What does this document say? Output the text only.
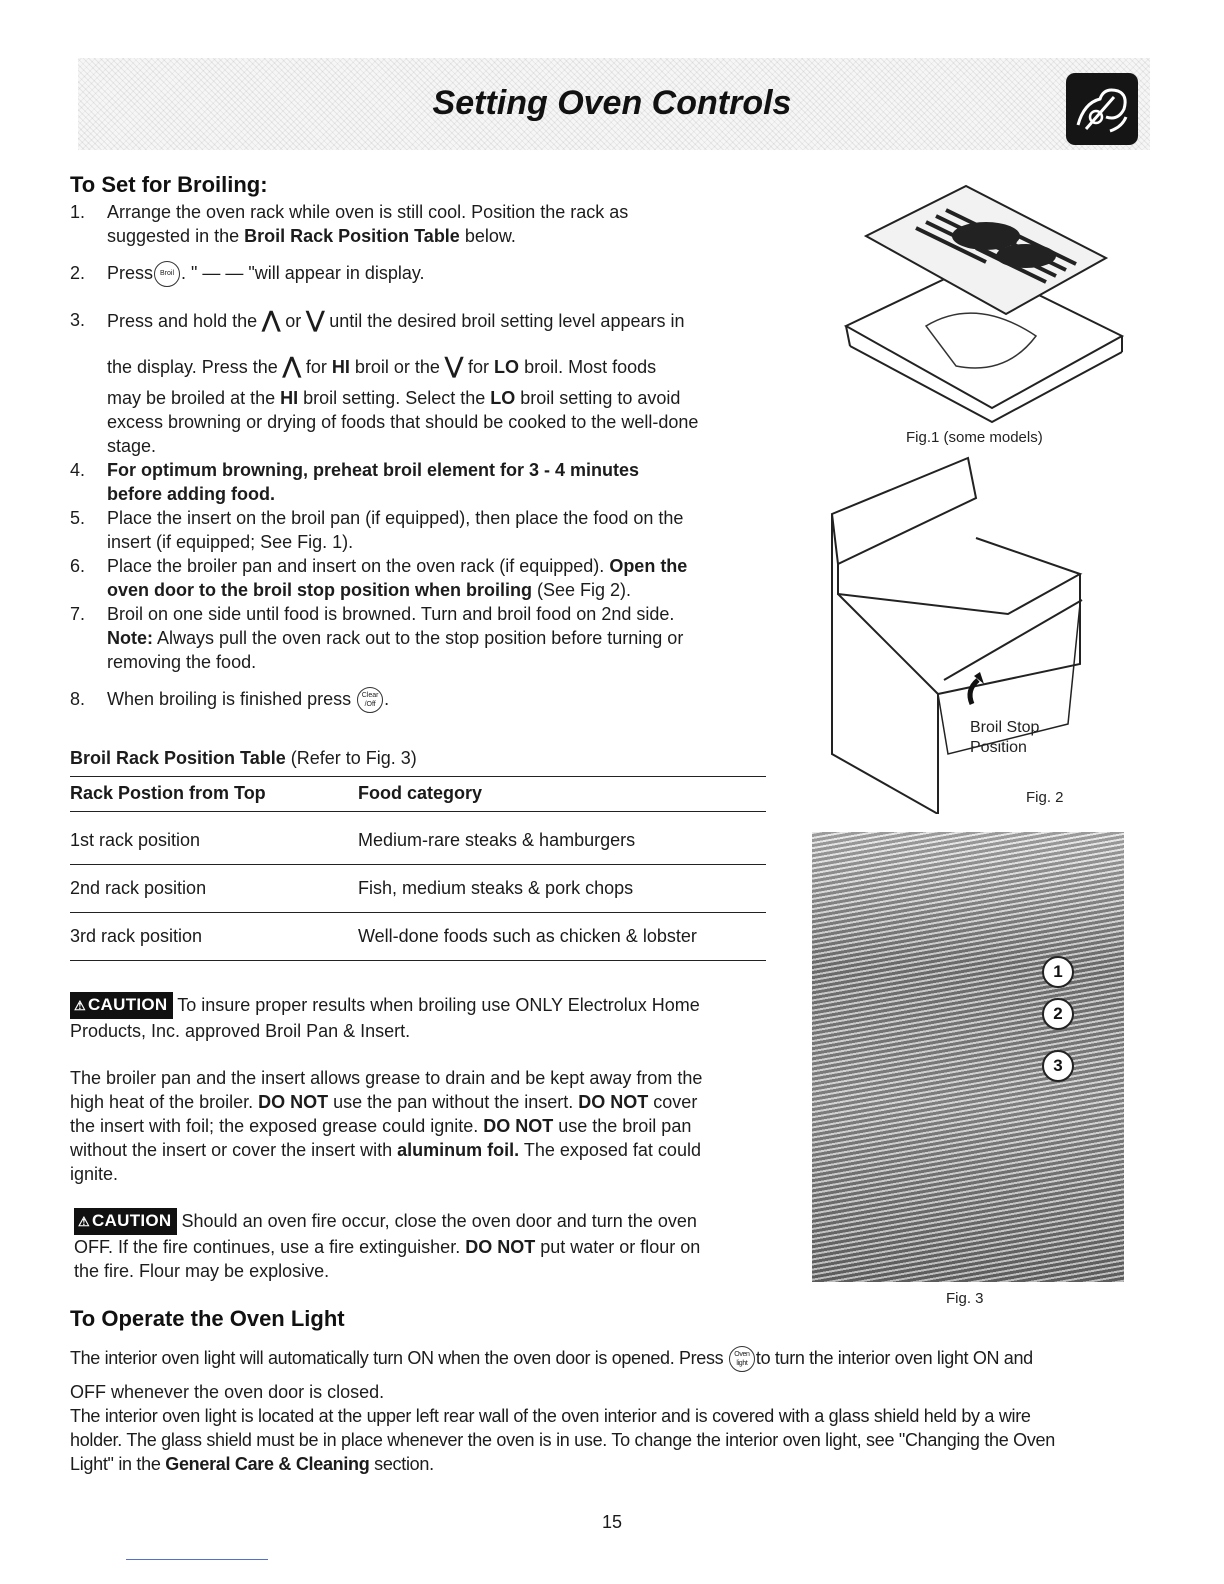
Setting Oven Controls
To Set for Broiling:
1. Arrange the oven rack while oven is still cool. Position the rack as
suggested in the Broil Rack Position Table below.
2. Press Broil . " — — "will appear in display.
3. Press and hold the ⋀ or ⋁ until the desired broil setting level appears in
the display. Press the ⋀ for HI broil or the ⋁ for LO broil. Most foods
may be broiled at the HI broil setting. Select the LO broil setting to avoid
excess browning or drying of foods that should be cooked to the well-done
stage.
4. For optimum browning, preheat broil element for 3 - 4 minutes
before adding food.
5. Place the insert on the broil pan (if equipped), then place the food on the
insert (if equipped; See Fig. 1).
6. Place the broiler pan and insert on the oven rack (if equipped). Open the
oven door to the broil stop position when broiling (See Fig 2).
7. Broil on one side until food is browned. Turn and broil food on 2nd side.
Note: Always pull the oven rack out to the stop position before turning or
removing the food.
8. When broiling is finished press Clear
/Off .
Broil Rack Position Table (Refer to Fig. 3)
Rack Postion from Top	Food category
1st rack position	Medium-rare steaks & hamburgers
2nd rack position	Fish, medium steaks & pork chops
3rd rack position	Well-done foods such as chicken & lobster
⚠ CAUTION To insure proper results when broiling use ONLY Electrolux Home
Products, Inc. approved Broil Pan & Insert.
The broiler pan and the insert allows grease to drain and be kept away from the
high heat of the broiler. DO NOT use the pan without the insert. DO NOT cover
the insert with foil; the exposed grease could ignite. DO NOT use the broil pan
without the insert or cover the insert with aluminum foil. The exposed fat could
ignite.
⚠ CAUTION Should an oven fire occur, close the oven door and turn the oven
OFF. If the fire continues, use a fire extinguisher. DO NOT put water or flour on
the fire. Flour may be explosive.
To Operate the Oven Light
The interior oven light will automatically turn ON when the oven door is opened. Press Oven
light to turn the interior oven light ON and
OFF whenever the oven door is closed.
The interior oven light is located at the upper left rear wall of the oven interior and is covered with a glass shield held by a wire
holder. The glass shield must be in place whenever the oven is in use. To change the interior oven light, see "Changing the Oven
Light" in the General Care & Cleaning section.
Fig.1 (some models)
Broil Stop
Position
Fig. 2
1
2
3
Fig. 3
15
